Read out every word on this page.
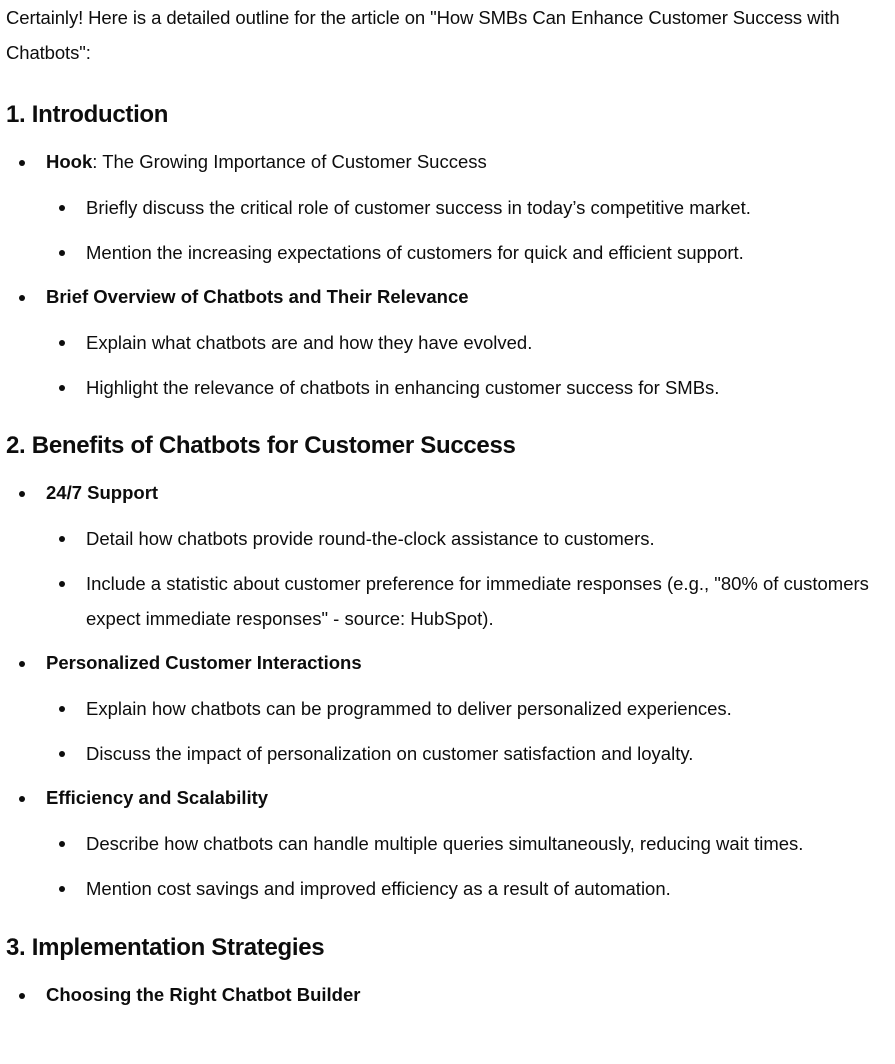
Certainly! Here is a detailed outline for the article on "How SMBs Can Enhance Customer Success with Chatbots":

1. Introduction
Hook: The Growing Importance of Customer Success
Briefly discuss the critical role of customer success in today’s competitive market.
Mention the increasing expectations of customers for quick and efficient support.
Brief Overview of Chatbots and Their Relevance
Explain what chatbots are and how they have evolved.
Highlight the relevance of chatbots in enhancing customer success for SMBs.
2. Benefits of Chatbots for Customer Success
24/7 Support
Detail how chatbots provide round-the-clock assistance to customers.
Include a statistic about customer preference for immediate responses (e.g., "80% of customers expect immediate responses" - source: HubSpot).
Personalized Customer Interactions
Explain how chatbots can be programmed to deliver personalized experiences.
Discuss the impact of personalization on customer satisfaction and loyalty.
Efficiency and Scalability
Describe how chatbots can handle multiple queries simultaneously, reducing wait times.
Mention cost savings and improved efficiency as a result of automation.
3. Implementation Strategies
Choosing the Right Chatbot Builder
